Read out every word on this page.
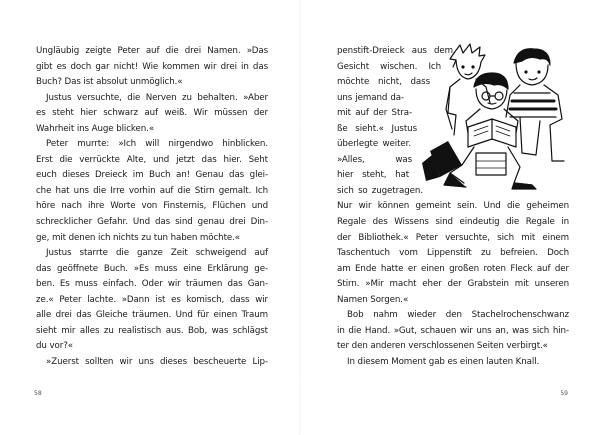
Ungläubig zeigte Peter auf die drei Namen. »Das
gibt es doch gar nicht! Wie kommen wir drei in das
Buch? Das ist absolut unmöglich.«
Justus versuchte, die Nerven zu behalten. »Aber
es steht hier schwarz auf weiß. Wir müssen der
Wahrheit ins Auge blicken.«
Peter murrte: »Ich will nirgendwo hinblicken.
Erst die verrückte Alte, und jetzt das hier. Seht
euch dieses Dreieck im Buch an! Genau das glei-
che hat uns die Irre vorhin auf die Stirn gemalt. Ich
höre nach ihre Worte von Finsternis, Flüchen und
schrecklicher Gefahr. Und das sind genau drei Din-
ge, mit denen ich nichts zu tun haben möchte.«
Justus starrte die ganze Zeit schweigend auf
das geöffnete Buch. »Es muss eine Erklärung ge-
ben. Es muss einfach. Oder wir träumen das Gan-
ze.« Peter lachte. »Dann ist es komisch, dass wir
alle drei das Gleiche träumen. Und für einen Traum
sieht mir alles zu realistisch aus. Bob, was schlägst
du vor?«
»Zuerst sollten wir uns dieses bescheuerte Lip-
58
penstift-Dreieck aus dem
Gesicht wischen. Ich
möchte nicht, dass
uns jemand da-
mit auf der Stra-
ße sieht.« Justus
überlegte weiter.
»Alles, was
hier steht, hat
sich so zugetragen.
Nur wir können gemeint sein. Und die geheimen
Regale des Wissens sind eindeutig die Regale in
der Bibliothek.« Peter versuchte, sich mit einem
Taschentuch vom Lippenstift zu befreien. Doch
am Ende hatte er einen großen roten Fleck auf der
Stirn. »Mir macht eher der Grabstein mit unseren
Namen Sorgen.«
Bob nahm wieder den Stachelrochenschwanz
in die Hand. »Gut, schauen wir uns an, was sich hin-
ter den anderen verschlossenen Seiten verbirgt.«
In diesem Moment gab es einen lauten Knall.
59
